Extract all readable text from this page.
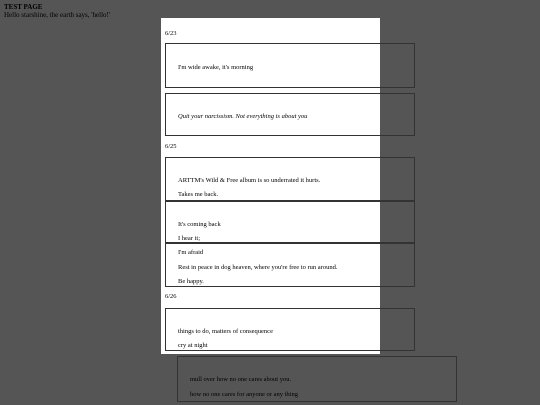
TEST PAGE
Hello starshine, the earth says, 'hello!'
6/23
I'm wide awake, it's morning
Quit your narcissism. Not everything is about you
6/25
ARTTM's Wild & Free album is so underrated it hurts.
Takes me back.
It's coming back
I hear it;
I'm afraid
Rest in peace in dog heaven, where you're free to run around.
Be happy.
6/26
things to do, matters of consequence
cry at night
mull over how no one cares about you.
how no one cares for anyone or any thing
